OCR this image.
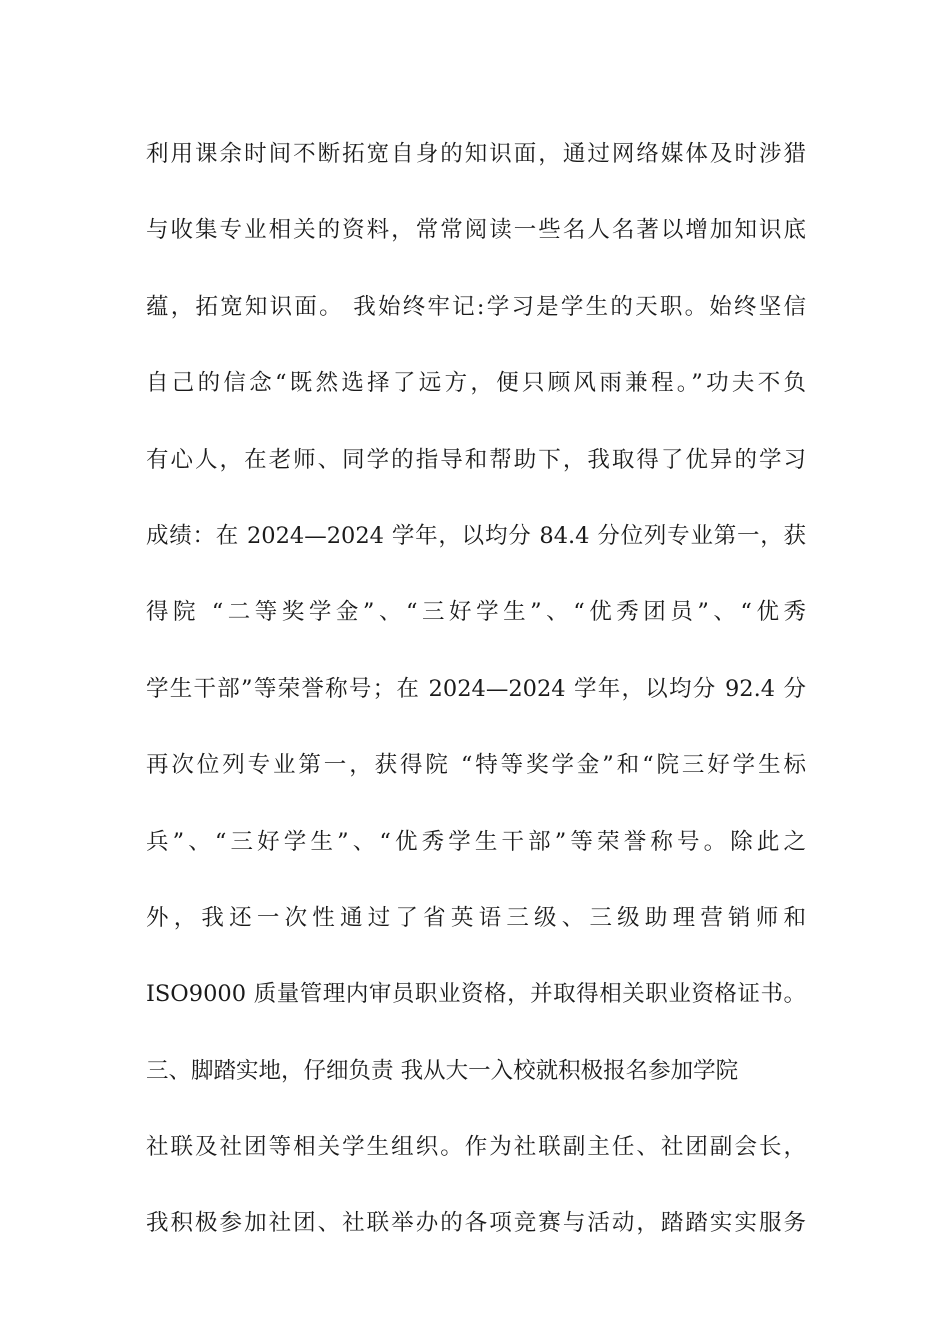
利用课余时间不断拓宽自身的知识面，通过网络媒体及时涉猎
与收集专业相关的资料，常常阅读一些名人名著以增加知识底
蕴，拓宽知识面。 我始终牢记:学习是学生的天职。始终坚信
自己的信念“既然选择了远方，便只顾风雨兼程。”功夫不负
有心人，在老师、同学的指导和帮助下，我取得了优异的学习
成绩：在 2024—2024 学年，以均分 84.4 分位列专业第一，获
得院 “二等奖学金”、“三好学生”、“优秀团员”、“优秀
学生干部”等荣誉称号；在 2024—2024 学年，以均分 92.4 分
再次位列专业第一，获得院 “特等奖学金”和“院三好学生标
兵”、“三好学生”、“优秀学生干部”等荣誉称号。除此之
外，我还一次性通过了省英语三级、三级助理营销师和
ISO9000 质量管理内审员职业资格，并取得相关职业资格证书。
三、脚踏实地，仔细负责 我从大一入校就积极报名参加学院
社联及社团等相关学生组织。作为社联副主任、社团副会长，
我积极参加社团、社联举办的各项竞赛与活动，踏踏实实服务
